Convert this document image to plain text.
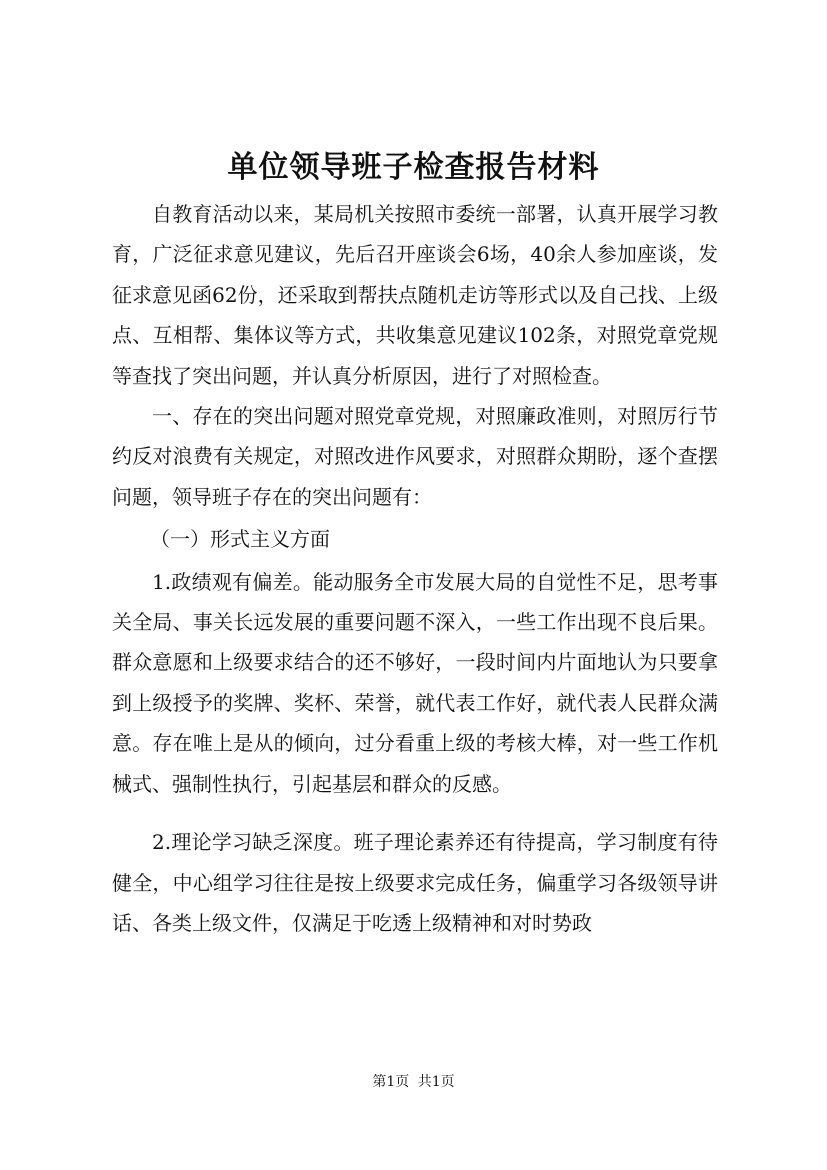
单位领导班子检查报告材料

自教育活动以来，某局机关按照市委统一部署，认真开展学习教育，广泛征求意见建议，先后召开座谈会6场，40余人参加座谈，发征求意见函62份，还采取到帮扶点随机走访等形式以及自己找、上级点、互相帮、集体议等方式，共收集意见建议102条，对照党章党规等查找了突出问题，并认真分析原因，进行了对照检查。

一、存在的突出问题对照党章党规，对照廉政准则，对照厉行节约反对浪费有关规定，对照改进作风要求，对照群众期盼，逐个查摆问题，领导班子存在的突出问题有：

（一）形式主义方面

1.政绩观有偏差。能动服务全市发展大局的自觉性不足，思考事关全局、事关长远发展的重要问题不深入，一些工作出现不良后果。群众意愿和上级要求结合的还不够好，一段时间内片面地认为只要拿到上级授予的奖牌、奖杯、荣誉，就代表工作好，就代表人民群众满意。存在唯上是从的倾向，过分看重上级的考核大棒，对一些工作机械式、强制性执行，引起基层和群众的反感。

2.理论学习缺乏深度。班子理论素养还有待提高，学习制度有待健全，中心组学习往往是按上级要求完成任务，偏重学习各级领导讲话、各类上级文件，仅满足于吃透上级精神和对时势政

第1页 共1页
